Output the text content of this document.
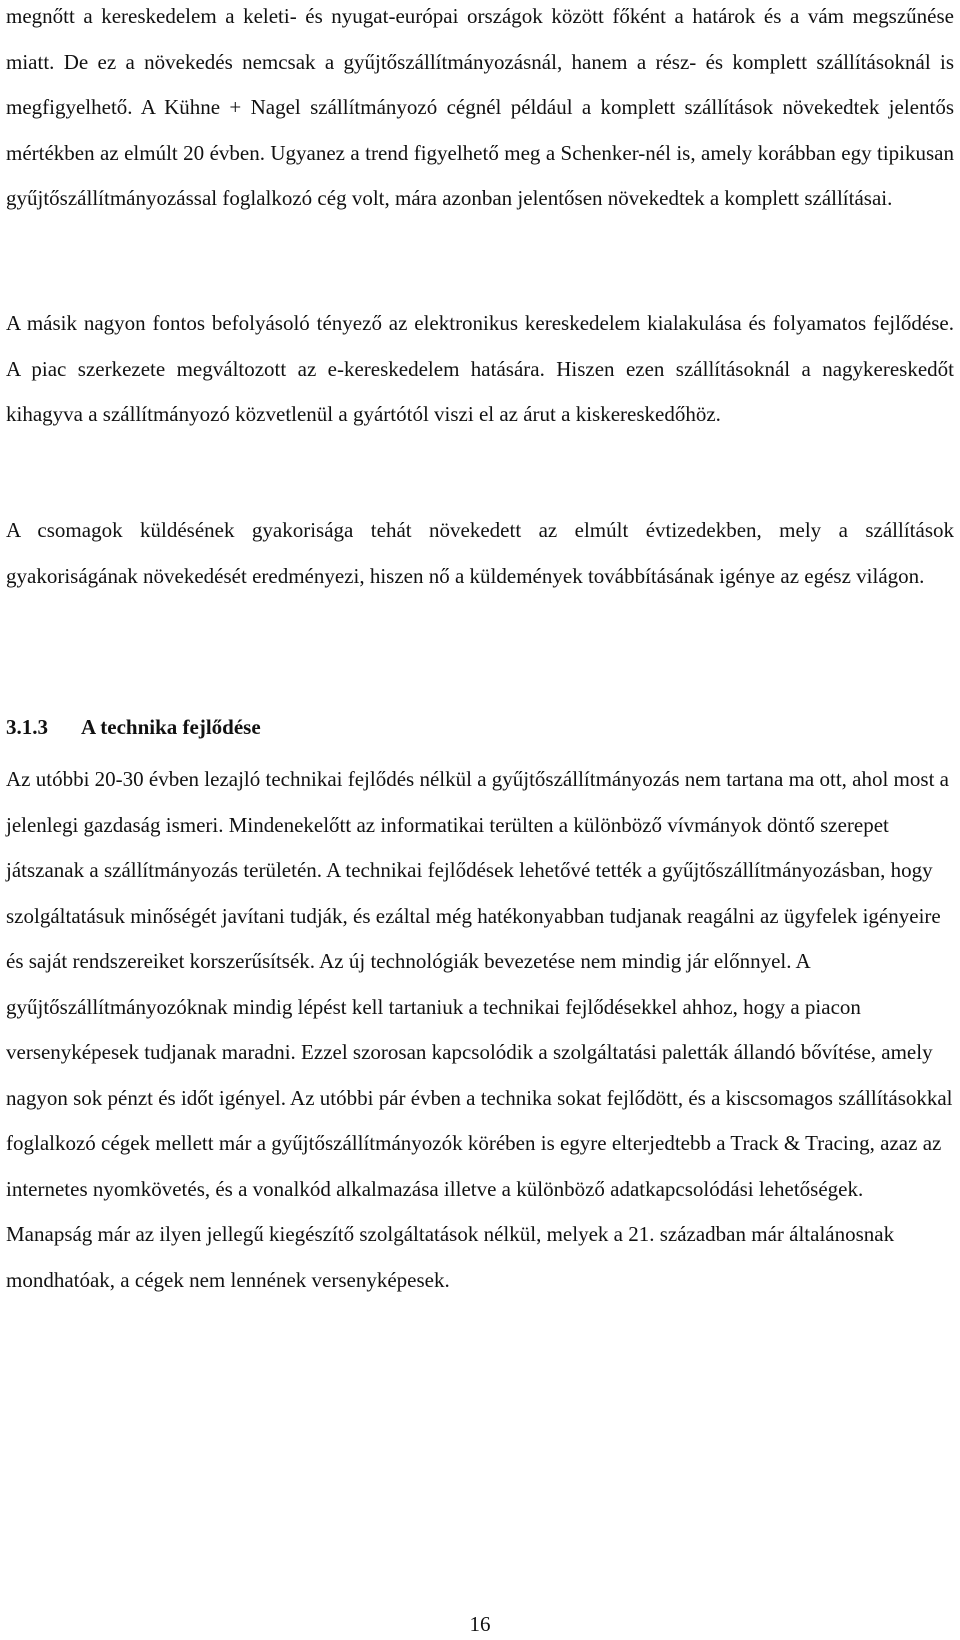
megnőtt a kereskedelem a keleti- és nyugat-európai országok között főként a határok és a vám megszűnése miatt. De ez a növekedés nemcsak a gyűjtőszállítmányozásnál, hanem a rész- és komplett szállításoknál is megfigyelhető. A Kühne + Nagel szállítmányozó cégnél például a komplett szállítások növekedtek jelentős mértékben az elmúlt 20 évben. Ugyanez a trend figyelhető meg a Schenker-nél is, amely korábban egy tipikusan gyűjtőszállítmányozással foglalkozó cég volt, mára azonban jelentősen növekedtek a komplett szállításai.

A másik nagyon fontos befolyásoló tényező az elektronikus kereskedelem kialakulása és folyamatos fejlődése. A piac szerkezete megváltozott az e-kereskedelem hatására. Hiszen ezen szállításoknál a nagykereskedőt kihagyva a szállítmányozó közvetlenül a gyártótól viszi el az árut a kiskereskedőhöz.

A csomagok küldésének gyakorisága tehát növekedett az elmúlt évtizedekben, mely a szállítások gyakoriságának növekedését eredményezi, hiszen nő a küldemények továbbításának igénye az egész világon.

3.1.3 A technika fejlődése

Az utóbbi 20-30 évben lezajló technikai fejlődés nélkül a gyűjtőszállítmányozás nem tartana ma ott, ahol most a jelenlegi gazdaság ismeri. Mindenekelőtt az informatikai terülten a különböző vívmányok döntő szerepet játszanak a szállítmányozás területén. A technikai fejlődések lehetővé tették a gyűjtőszállítmányozásban, hogy szolgáltatásuk minőségét javítani tudják, és ezáltal még hatékonyabban tudjanak reagálni az ügyfelek igényeire és saját rendszereiket korszerűsítsék. Az új technológiák bevezetése nem mindig jár előnnyel. A gyűjtőszállítmányozóknak mindig lépést kell tartaniuk a technikai fejlődésekkel ahhoz, hogy a piacon versenyképesek tudjanak maradni. Ezzel szorosan kapcsolódik a szolgáltatási paletták állandó bővítése, amely nagyon sok pénzt és időt igényel. Az utóbbi pár évben a technika sokat fejlődött, és a kiscsomagos szállításokkal foglalkozó cégek mellett már a gyűjtőszállítmányozók körében is egyre elterjedtebb a Track & Tracing, azaz az internetes nyomkövetés, és a vonalkód alkalmazása illetve a különböző adatkapcsolódási lehetőségek. Manapság már az ilyen jellegű kiegészítő szolgáltatások nélkül, melyek a 21. században már általánosnak mondhatóak, a cégek nem lennének versenyképesek.

16
